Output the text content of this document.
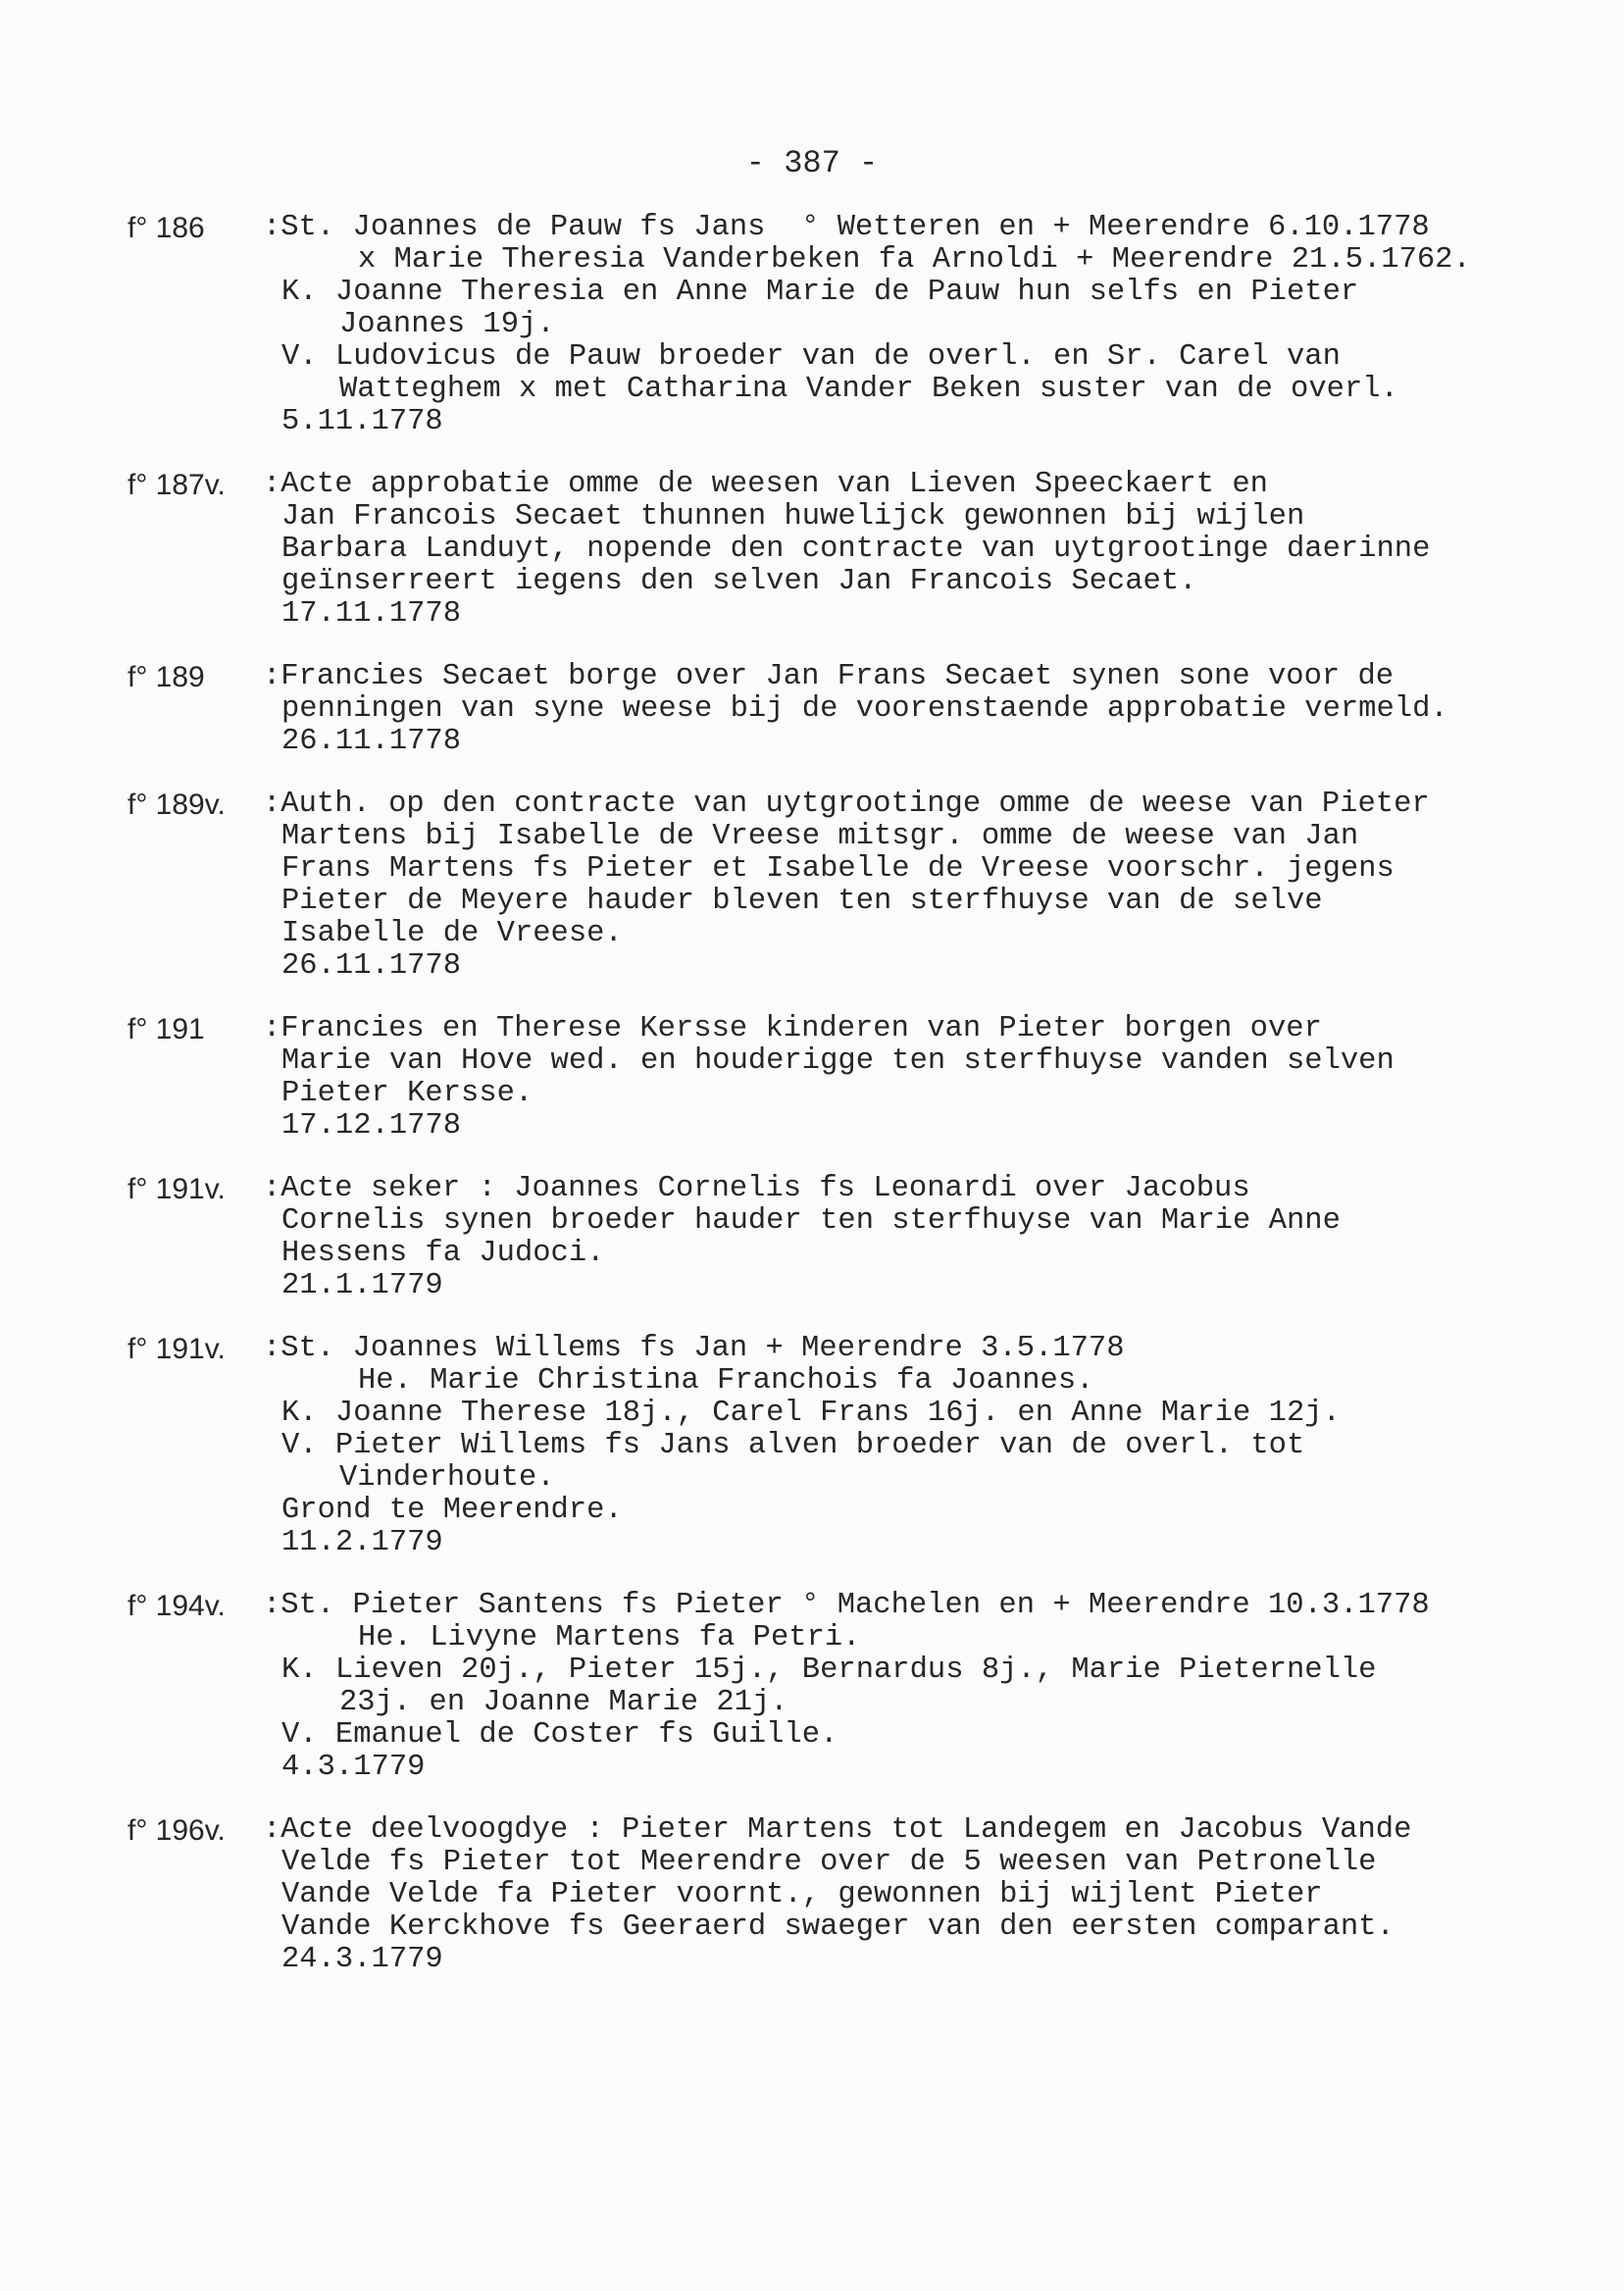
- 387 -
f° 186 :St. Joannes de Pauw fs Jans  ° Wetteren en + Meerendre 6.10.1778
x Marie Theresia Vanderbeken fa Arnoldi + Meerendre 21.5.1762.
K. Joanne Theresia en Anne Marie de Pauw hun selfs en Pieter
Joannes 19j.
V. Ludovicus de Pauw broeder van de overl. en Sr. Carel van
Watteghem x met Catharina Vander Beken suster van de overl.
5.11.1778
f° 187v. :Acte approbatie omme de weesen van Lieven Speeckaert en
Jan Francois Secaet thunnen huwelijck gewonnen bij wijlen
Barbara Landuyt, nopende den contracte van uytgrootinge daerinne
geïnserreert iegens den selven Jan Francois Secaet.
17.11.1778
f° 189 :Francies Secaet borge over Jan Frans Secaet synen sone voor de
penningen van syne weese bij de voorenstaende approbatie vermeld.
26.11.1778
f° 189v. :Auth. op den contracte van uytgrootinge omme de weese van Pieter
Martens bij Isabelle de Vreese mitsgr. omme de weese van Jan
Frans Martens fs Pieter et Isabelle de Vreese voorschr. jegens
Pieter de Meyere hauder bleven ten sterfhuyse van de selve
Isabelle de Vreese.
26.11.1778
f° 191 :Francies en Therese Kersse kinderen van Pieter borgen over
Marie van Hove wed. en houderigge ten sterfhuyse vanden selven
Pieter Kersse.
17.12.1778
f° 191v. :Acte seker : Joannes Cornelis fs Leonardi over Jacobus
Cornelis synen broeder hauder ten sterfhuyse van Marie Anne
Hessens fa Judoci.
21.1.1779
f° 191v. :St. Joannes Willems fs Jan + Meerendre 3.5.1778
He. Marie Christina Franchois fa Joannes.
K. Joanne Therese 18j., Carel Frans 16j. en Anne Marie 12j.
V. Pieter Willems fs Jans alven broeder van de overl. tot
Vinderhoute.
Grond te Meerendre.
11.2.1779
f° 194v. :St. Pieter Santens fs Pieter ° Machelen en + Meerendre 10.3.1778
He. Livyne Martens fa Petri.
K. Lieven 20j., Pieter 15j., Bernardus 8j., Marie Pieternelle
23j. en Joanne Marie 21j.
V. Emanuel de Coster fs Guille.
4.3.1779
f° 196v. :Acte deelvoogdye : Pieter Martens tot Landegem en Jacobus Vande
Velde fs Pieter tot Meerendre over de 5 weesen van Petronelle
Vande Velde fa Pieter voornt., gewonnen bij wijlent Pieter
Vande Kerckhove fs Geeraerd swaeger van den eersten comparant.
24.3.1779
